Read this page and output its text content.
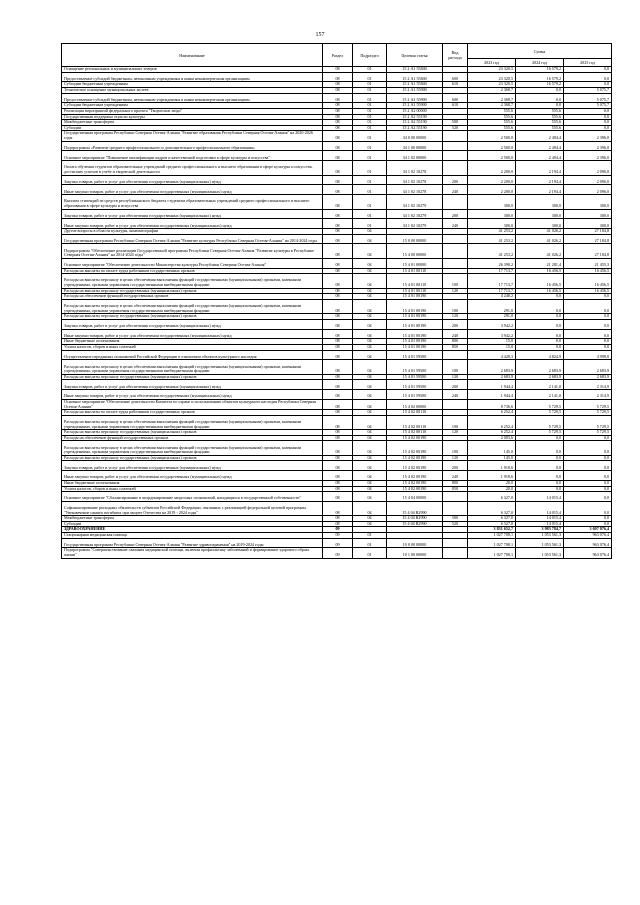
157
Наименование	Раздел	Подраздел	Целевая статья	Вид расхода	Сумма		
					2023 год	2024 год	2025 год
Оснащение региональных и муниципальных театров	08	01	15 2 А1 55840		23 320,5	16 579,2	0,0
Предоставление субсидий бюджетным, автономным учреждениям и иным некоммерческим организациям	08	01	15 2 А1 55840	600	23 320,5	16 579,2	0,0
Субсидии бюджетным учреждениям	08	01	15 2 А1 55840	610	23 320,5	16 579,2	0,0
Техническое оснащение муниципальных музеев	08	01	15 2 А1 55900		2 368,7	0,0	5 075,7
Предоставление субсидий бюджетным, автономным учреждениям и иным некоммерческим организациям	08	01	15 2 А1 55900	600	2 368,7	0,0	5 075,7
Субсидии бюджетным учреждениям	08	01	15 2 А1 55900	610	2 368,7	0,0	5 075,7
Реализация мероприятий федерального проекта "Творческие люди"	08	01	15 2 А2 00000		555,6	555,6	0,0
Государственная поддержка отрасли культуры	08	01	15 2 А2 55190		555,6	555,6	0,0
Межбюджетные трансферты	08	01	15 2 А2 55190	500	555,6	555,6	0,0
Субсидии	08	01	15 2 А2 55190	520	555,6	555,6	0,0
Государственная программа Республики Северная Осетия-Алания "Развитие образования Республики Северная Осетия-Алания" на 2020-2026 годы	08	01	34 0 00 00000		2 500,0	2 494,4	2 396,0
Подпрограмма «Развитие среднего профессионального и дополнительного профессионального образования»	08	01	34 1 00 00000		2 500,0	2 494,4	2 396,0
Основное мероприятие "Повышение квалификации кадров и качественной подготовки в сфере культуры и искусства"	08	01	34 1 02 00000		2 500,0	2 494,4	2 396,0
Оплата обучения студентов образовательных учреждений среднего профессионального и высшего образования в сфере культуры и искусства, достигших успехов в учебе и творческой деятельности	08	01	34 1 02 10278		2 200,0	2 194,4	2 096,0
Закупка товаров, работ и услуг для обеспечения государственных (муниципальных) нужд	08	01	34 1 02 10278	200	2 200,0	2 194,4	2 096,0
Иные закупки товаров, работ и услуг для обеспечения государственных (муниципальных) нужд	08	01	34 1 02 10278	240	2 200,0	2 194,4	2 096,0
Выплата стипендий из средств республиканского бюджета студентам образовательных учреждений среднего профессионального и высшего образования в сфере культуры и искусства	08	01	34 1 02 10279		300,0	300,0	300,0
Закупка товаров, работ и услуг для обеспечения государственных (муниципальных) нужд	08	01	34 1 02 10279	200	300,0	300,0	300,0
Иные закупки товаров, работ и услуг для обеспечения государственных (муниципальных) нужд	08	01	34 1 02 10279	240	300,0	300,0	300,0
Другие вопросы в области культуры, кинематографии	08	04			41 253,2	41 026,2	27 184,8
Государственная программа Республики Северная Осетия-Алания "Развитие культуры Республики Северная Осетия-Алания" на 2014-2024 годы	08	04	15 0 00 00000		41 253,2	41 026,2	27 184,8
Подпрограмма "Обеспечение реализации Государственной программы Республики Северная Осетия-Алания "Развитие культуры в Республике Северная Осетия-Алания" на 2014-2024 годы"	08	04	15 4 00 00000		41 253,2	41 026,2	27 184,8
Основное мероприятие "Обеспечение деятельности Министерства культуры Республики Северная Осетия-Алания"	08	04	15 4 01 00000		26 390,2	21 281,4	21 455,3
Расходы на выплаты по оплате труда работников государственных органов	08	04	15 4 01 00110		17 713,7	16 456,5	16 456,5
Расходы на выплаты персоналу в целях обеспечения выполнения функций государственными (муниципальными) органами, казенными учреждениями, органами управления государственными внебюджетными фондами	08	04	15 4 01 00110	100	17 713,7	16 456,5	16 456,5
Расходы на выплаты персоналу государственных (муниципальных) органов	08	04	15 4 01 00110	120	17 713,7	16 456,5	16 456,5
Расходы на обеспечение функций государственных органов	08	04	15 4 01 00190		4 248,2	0,0	0,0
Расходы на выплаты персоналу в целях обеспечения выполнения функций государственными (муниципальными) органами, казенными учреждениями, органами управления государственными внебюджетными фондами	08	04	15 4 01 00190	100	291,0	0,0	0,0
Расходы на выплаты персоналу государственных (муниципальных) органов	08	04	15 4 01 00190	120	291,0	0,0	0,0
Закупка товаров, работ и услуг для обеспечения государственных (муниципальных) нужд	08	04	15 4 01 00190	200	3 942,2	0,0	0,0
Иные закупки товаров, работ и услуг для обеспечения государственных (муниципальных) нужд	08	04	15 4 01 00190	240	3 942,2	0,0	0,0
Иные бюджетные ассигнования	08	04	15 4 01 00190	800	15,0	0,0	0,0
Уплата налогов, сборов и иных платежей	08	04	15 4 01 00190	850	15,0	0,0	0,0
Осуществление переданных полномочий Российской Федерации в отношении объектов культурного наследия	08	04	15 4 01 59500		4 428,3	4 824,9	4 998,8
Расходы на выплаты персоналу в целях обеспечения выполнения функций государственными (муниципальными) органами, казенными учреждениями, органами управления государственными внебюджетными фондами	08	04	15 4 01 59500	100	2 683,9	2 683,9	2 683,9
Расходы на выплаты персоналу государственных (муниципальных) органов	08	04	15 4 01 59500	120	2 683,9	2 683,9	2 683,9
Закупка товаров, работ и услуг для обеспечения государственных (муниципальных) нужд	08	04	15 4 01 59500	200	1 944,4	2 141,0	2 314,9
Иные закупки товаров, работ и услуг для обеспечения государственных (муниципальных) нужд	08	04	15 4 01 59500	240	1 944,4	2 141,0	2 314,9
Основное мероприятие "Обеспечение деятельности Комитета по охране и использованию объектов культурного наследия Республики Северная Осетия-Алания"	08	04	15 4 02 00000		8 736,6	5 729,5	5 729,5
Расходы на выплаты по оплате труда работников государственных органов	08	04	15 4 02 00110		6 252,4	5 729,5	5 729,5
Расходы на выплаты персоналу в целях обеспечения выполнения функций государственными (муниципальными) органами, казенными учреждениями, органами управления государственными внебюджетными фондами	08	04	15 4 02 00110	100	6 252,4	5 729,5	5 729,5
Расходы на выплаты персоналу государственных (муниципальных) органов	08	04	15 4 02 00110	120	6 252,4	5 729,5	5 729,5
Расходы на обеспечение функций государственных органов	08	04	15 4 02 00190		2 083,6	0,0	0,0
Расходы на выплаты персоналу в целях обеспечения выполнения функций государственными (муниципальными) органами, казенными учреждениями, органами управления государственными внебюджетными фондами	08	04	15 4 02 00190	100	145,0	0,0	0,0
Расходы на выплаты персоналу государственных (муниципальных) органов	08	04	15 4 02 00190	120	145,0	0,0	0,0
Закупка товаров, работ и услуг для обеспечения государственных (муниципальных) нужд	08	04	15 4 02 00190	200	1 918,6	0,0	0,0
Иные закупки товаров, работ и услуг для обеспечения государственных (муниципальных) нужд	08	04	15 4 02 00190	240	1 918,6	0,0	0,0
Иные бюджетные ассигнования	08	04	15 4 02 00190	800	20,0	0,0	0,0
Уплата налогов, сборов и иных платежей	08	04	15 4 02 00190	850	20,0	0,0	0,0
Основное мероприятие "Сбалансирование и координирование запросных полномочий, находящихся в государственной собственности"	08	04	15 4 04 00000		6 327,0	14 015,4	0,0
Софинансирование расходных обязательств субъектов Российской Федерации, связанных с реализацией федеральной целевой программы "Увековечение памяти погибших при защите Отечества на 2019 - 2024 годы"	08	04	15 4 04 R2990		6 327,0	14 015,4	0,0
Межбюджетные трансферты	08	04	15 4 04 R2990	500	6 327,0	14 015,4	0,0
Субсидии	08	04	15 4 04 R2990	520	6 327,0	14 015,4	0,0
ЗДРАВООХРАНЕНИЕ	09				3 831 652,7	3 983 784,7	3 697 076,4
Стационарная медицинская помощь	09	01			1 027 708,1	1 053 561,3	963 076,4
Государственная программа Республики Северная Осетия-Алания "Развитие здравоохранения" на 2019-2024 годы	09	01	10 0 00 00000		1 027 708,1	1 053 561,3	963 076,4
Подпрограмма "Совершенствование оказания медицинской помощи, включая профилактику заболеваний и формирование здорового образа жизни"	09	01	10 1 00 00000		1 027 708,1	1 053 561,3	963 076,4
